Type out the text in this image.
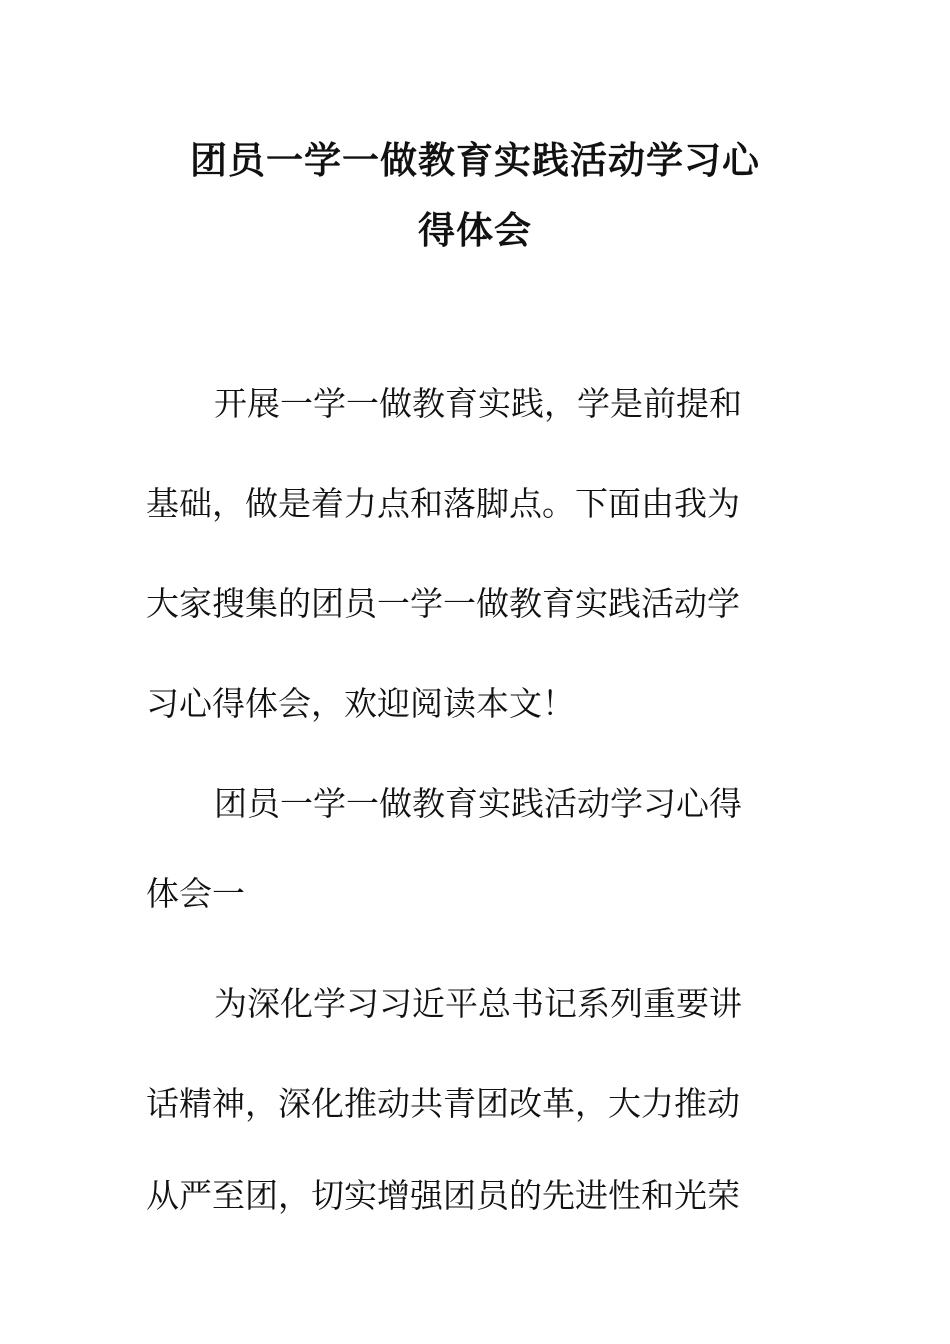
团员一学一做教育实践活动学习心
得体会

开展一学一做教育实践，学是前提和

基础，做是着力点和落脚点。下面由我为

大家搜集的团员一学一做教育实践活动学

习心得体会，欢迎阅读本文！

团员一学一做教育实践活动学习心得

体会一

为深化学习习近平总书记系列重要讲

话精神，深化推动共青团改革，大力推动

从严至团，切实增强团员的先进性和光荣
